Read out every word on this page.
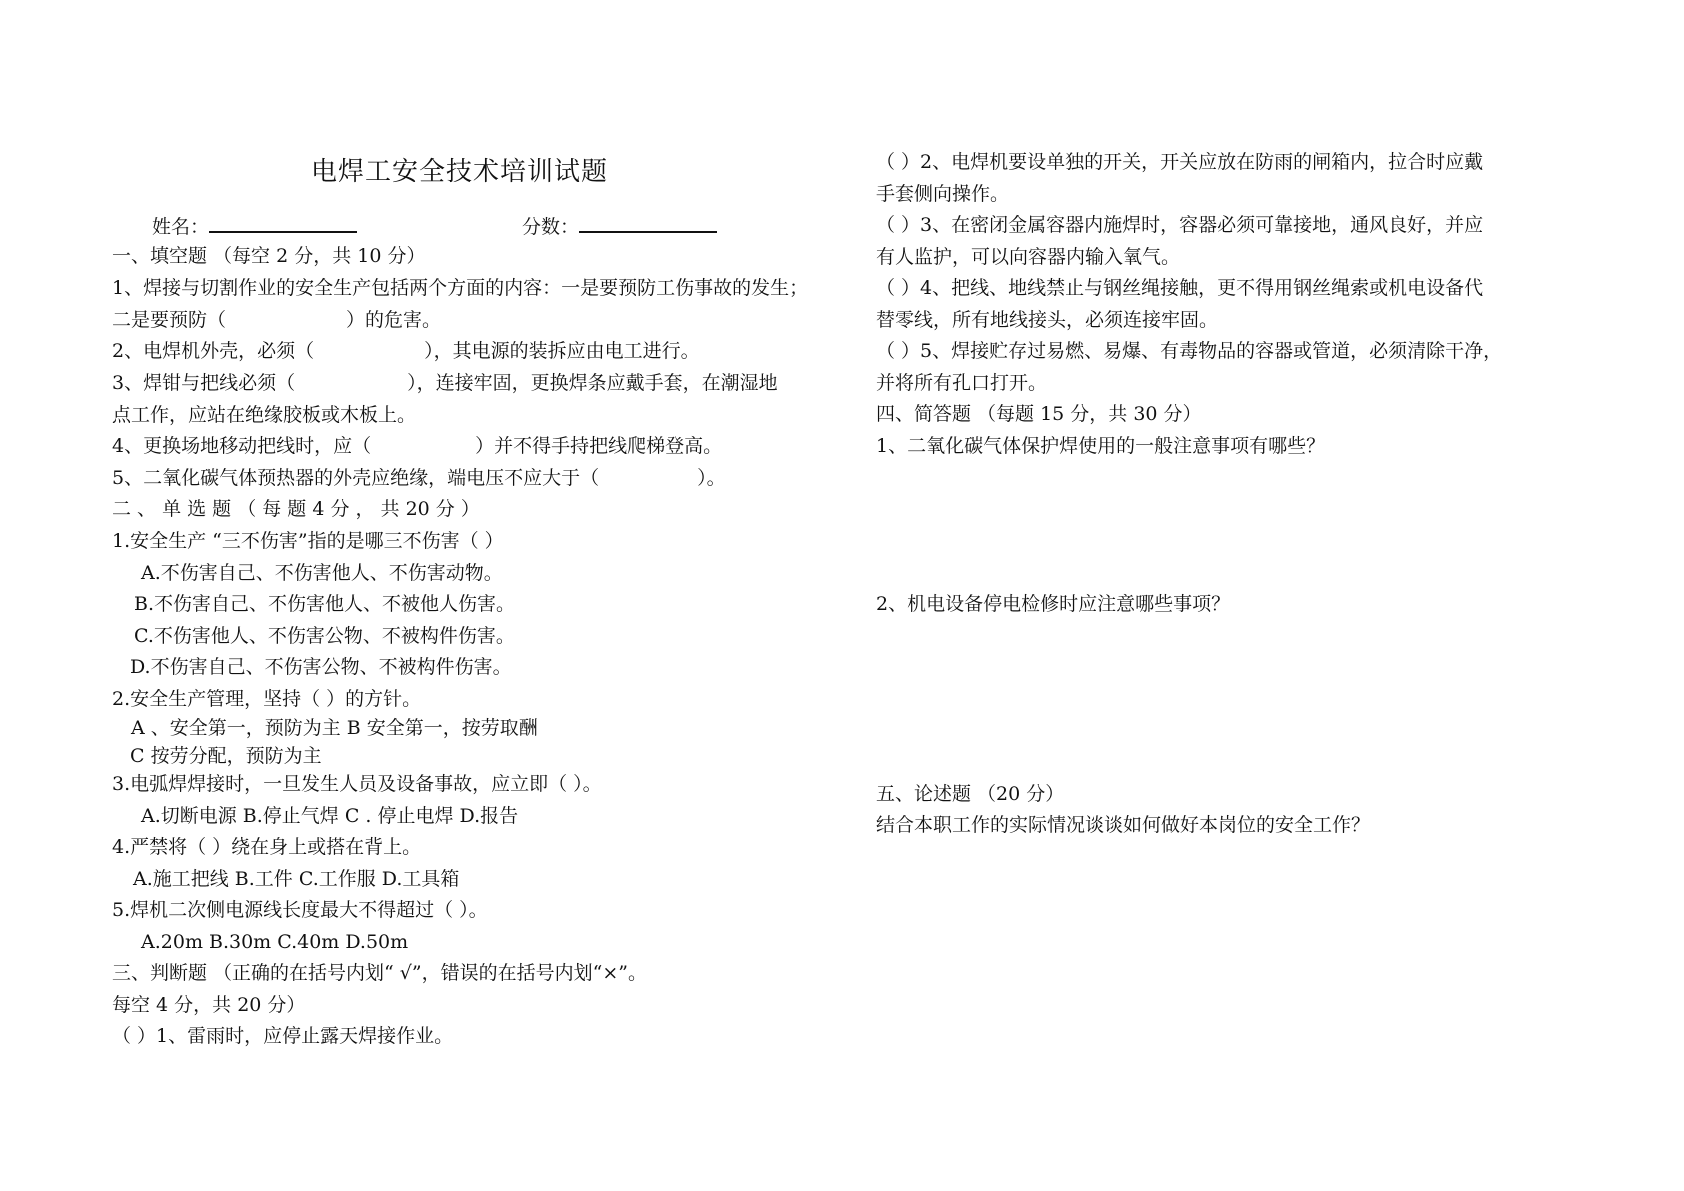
电焊工安全技术培训试题
姓名：	分数：
一、填空题 （每空 2 分，共 10 分）
1、焊接与切割作业的安全生产包括两个方面的内容：一是要预防工伤事故的发生；
二是要预防（	）的危害。
2、电焊机外壳，必须（	），其电源的装拆应由电工进行。
3、焊钳与把线必须（	），连接牢固，更换焊条应戴手套，在潮湿地
点工作，应站在绝缘胶板或木板上。
4、更换场地移动把线时，应（	）并不得手持把线爬梯登高。
5、二氧化碳气体预热器的外壳应绝缘，端电压不应大于（	）。
二 、 单 选 题 （ 每 题 4 分 ， 共 20 分 ）
1.安全生产 “三不伤害”指的是哪三不伤害（ ）
A.不伤害自己、不伤害他人、不伤害动物。
B.不伤害自己、不伤害他人、不被他人伤害。
C.不伤害他人、不伤害公物、不被构件伤害。
D.不伤害自己、不伤害公物、不被构件伤害。
2.安全生产管理，坚持（ ）的方针。
A 、安全第一，预防为主 B 安全第一，按劳取酬
C 按劳分配，预防为主
3.电弧焊焊接时，一旦发生人员及设备事故，应立即（ ）。
A.切断电源 B.停止气焊 C . 停止电焊 D.报告
4.严禁将（ ）绕在身上或搭在背上。
A.施工把线 B.工件 C.工作服 D.工具箱
5.焊机二次侧电源线长度最大不得超过（ ）。
A.20m B.30m C.40m D.50m
三、判断题 （正确的在括号内划“ √”，错误的在括号内划“×”。
每空 4 分，共 20 分）
（ ）1、雷雨时，应停止露天焊接作业。
（ ）2、电焊机要设单独的开关，开关应放在防雨的闸箱内，拉合时应戴
手套侧向操作。
（ ）3、在密闭金属容器内施焊时，容器必须可靠接地，通风良好，并应
有人监护，可以向容器内输入氧气。
（ ）4、把线、地线禁止与钢丝绳接触，更不得用钢丝绳索或机电设备代
替零线，所有地线接头，必须连接牢固。
（ ）5、焊接贮存过易燃、易爆、有毒物品的容器或管道，必须清除干净，
并将所有孔口打开。
四、简答题 （每题 15 分，共 30 分）
1、二氧化碳气体保护焊使用的一般注意事项有哪些？
2、机电设备停电检修时应注意哪些事项？
五、论述题 （20 分）
结合本职工作的实际情况谈谈如何做好本岗位的安全工作？
